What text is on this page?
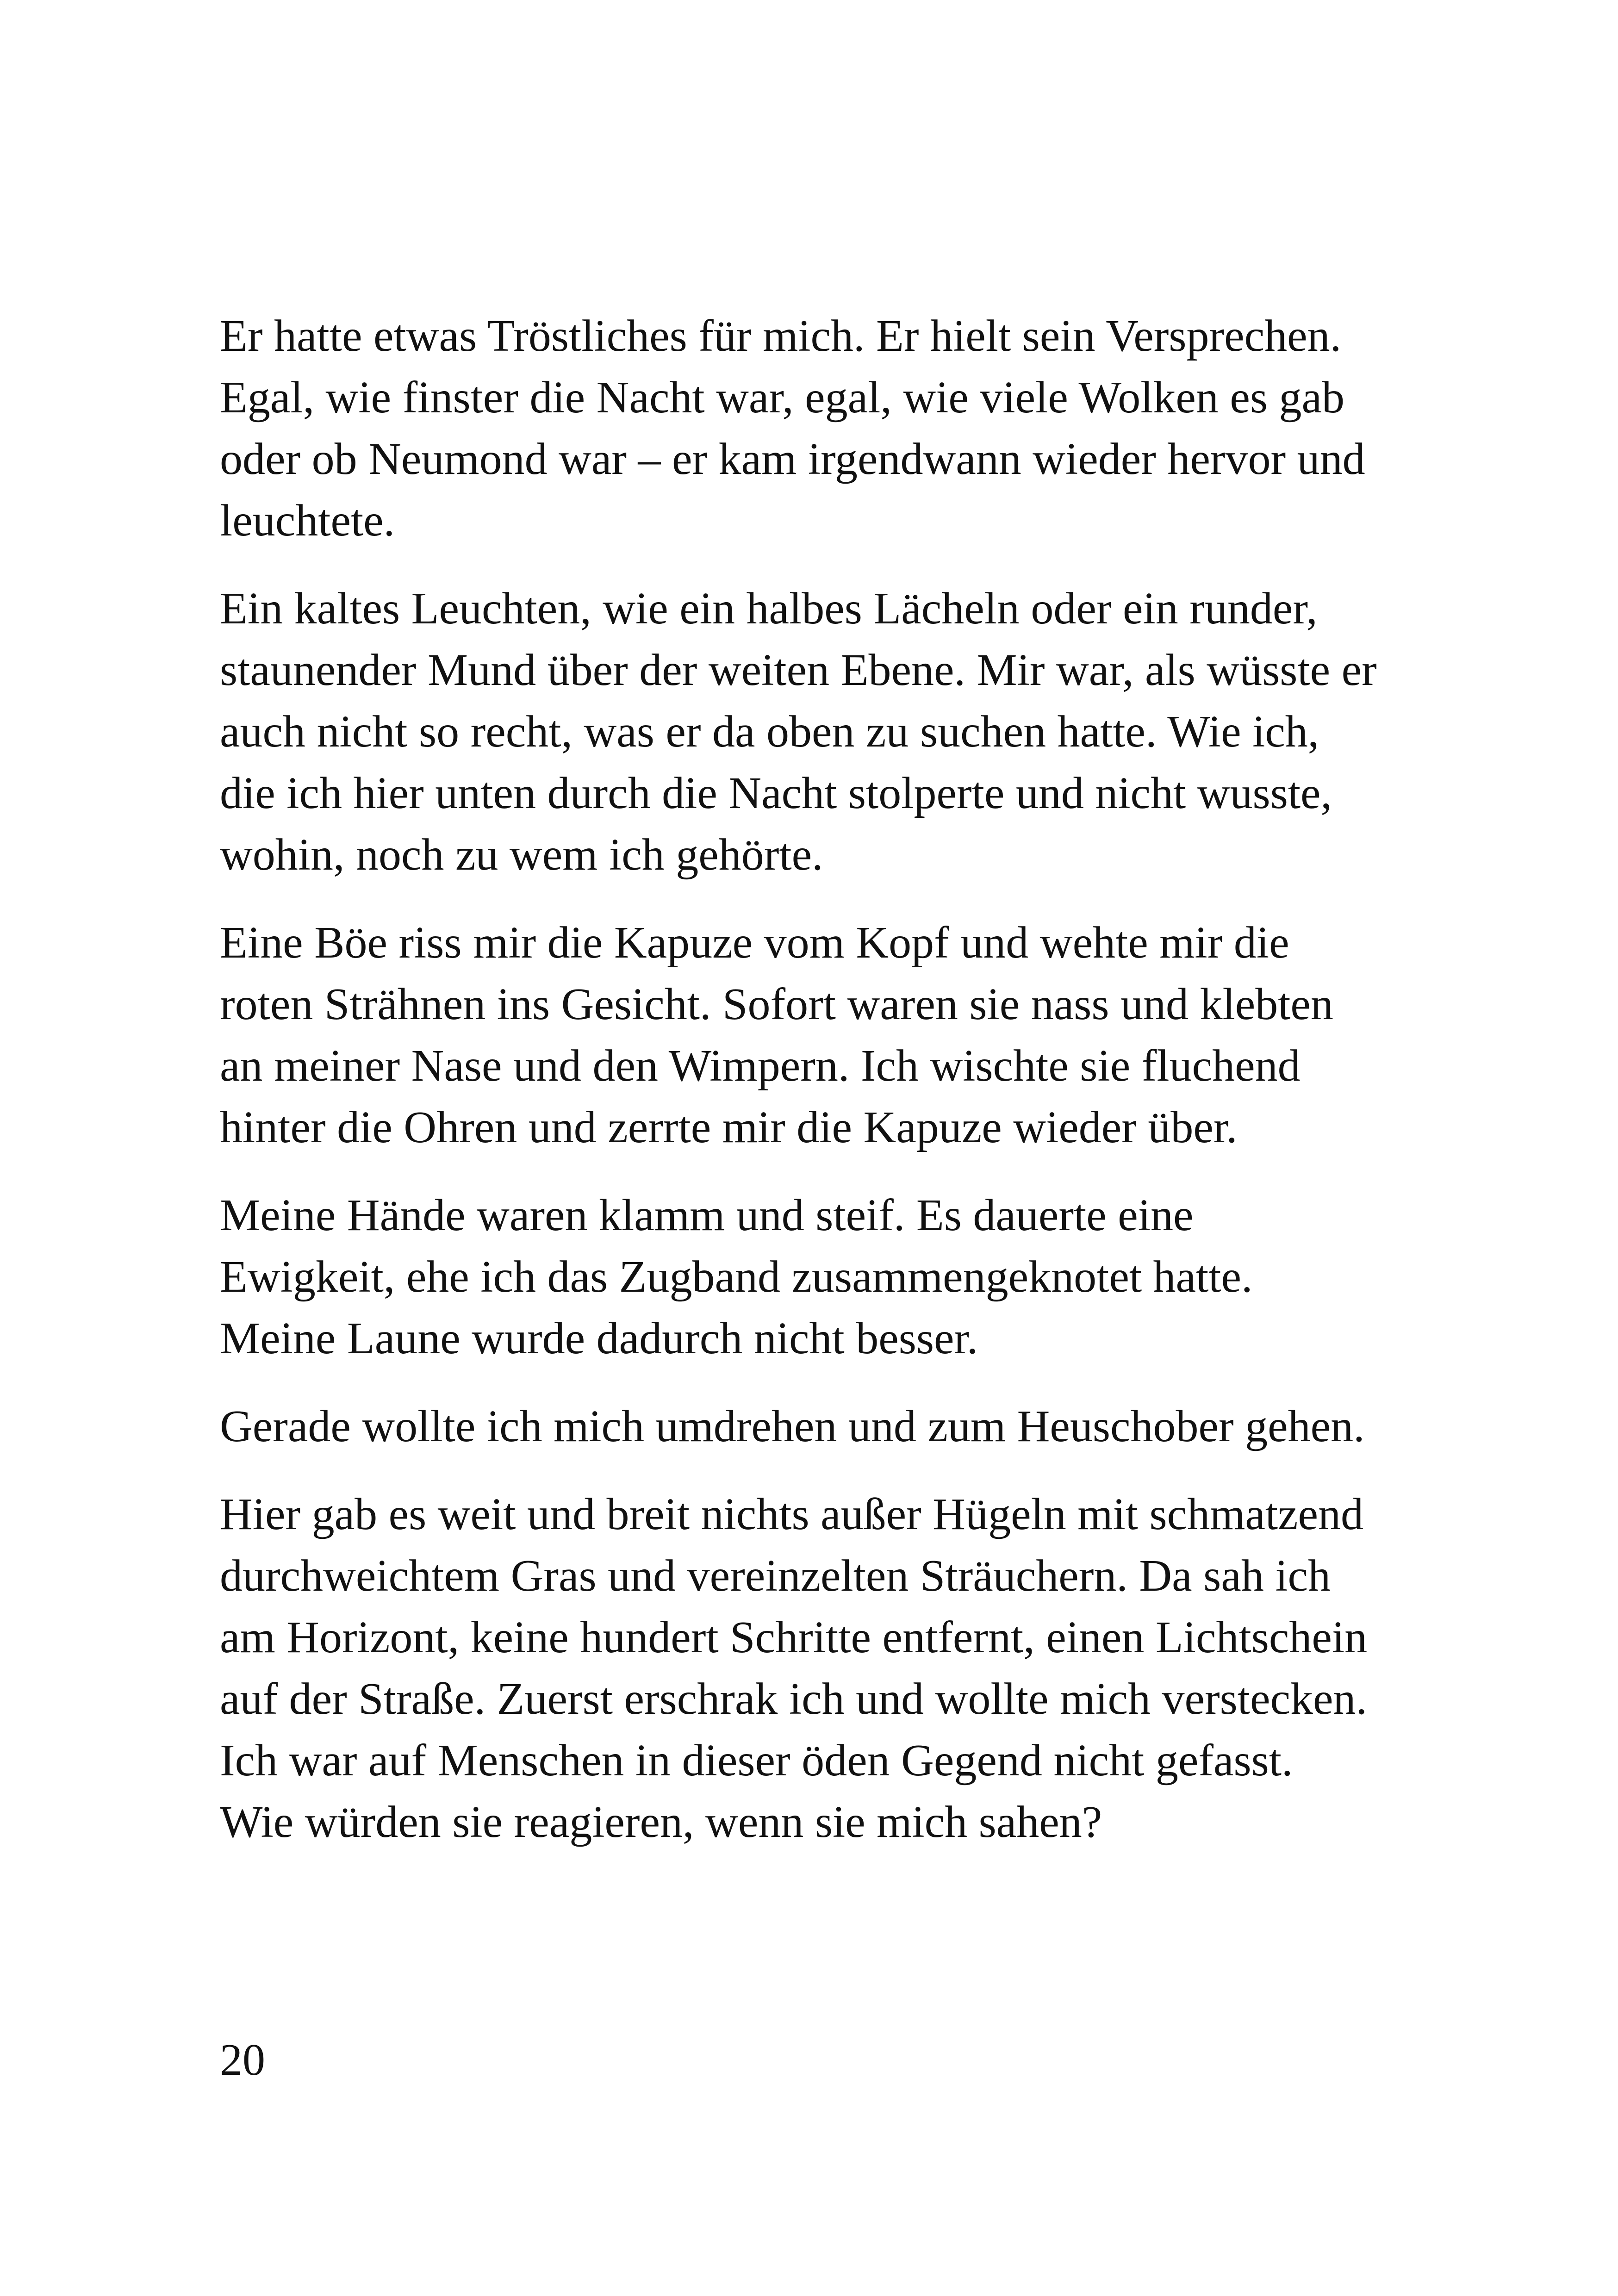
Er hatte etwas Tröstliches für mich. Er hielt sein Versprechen.
Egal, wie finster die Nacht war, egal, wie viele Wolken es gab
oder ob Neumond war – er kam irgendwann wieder hervor und
leuchtete.

Ein kaltes Leuchten, wie ein halbes Lächeln oder ein runder,
staunender Mund über der weiten Ebene. Mir war, als wüsste er
auch nicht so recht, was er da oben zu suchen hatte. Wie ich,
die ich hier unten durch die Nacht stolperte und nicht wusste,
wohin, noch zu wem ich gehörte.

Eine Böe riss mir die Kapuze vom Kopf und wehte mir die
roten Strähnen ins Gesicht. Sofort waren sie nass und klebten
an meiner Nase und den Wimpern. Ich wischte sie fluchend
hinter die Ohren und zerrte mir die Kapuze wieder über.

Meine Hände waren klamm und steif. Es dauerte eine
Ewigkeit, ehe ich das Zugband zusammengeknotet hatte.
Meine Laune wurde dadurch nicht besser.

Gerade wollte ich mich umdrehen und zum Heuschober gehen.

Hier gab es weit und breit nichts außer Hügeln mit schmatzend
durchweichtem Gras und vereinzelten Sträuchern. Da sah ich
am Horizont, keine hundert Schritte entfernt, einen Lichtschein
auf der Straße. Zuerst erschrak ich und wollte mich verstecken.
Ich war auf Menschen in dieser öden Gegend nicht gefasst.
Wie würden sie reagieren, wenn sie mich sahen?

20
